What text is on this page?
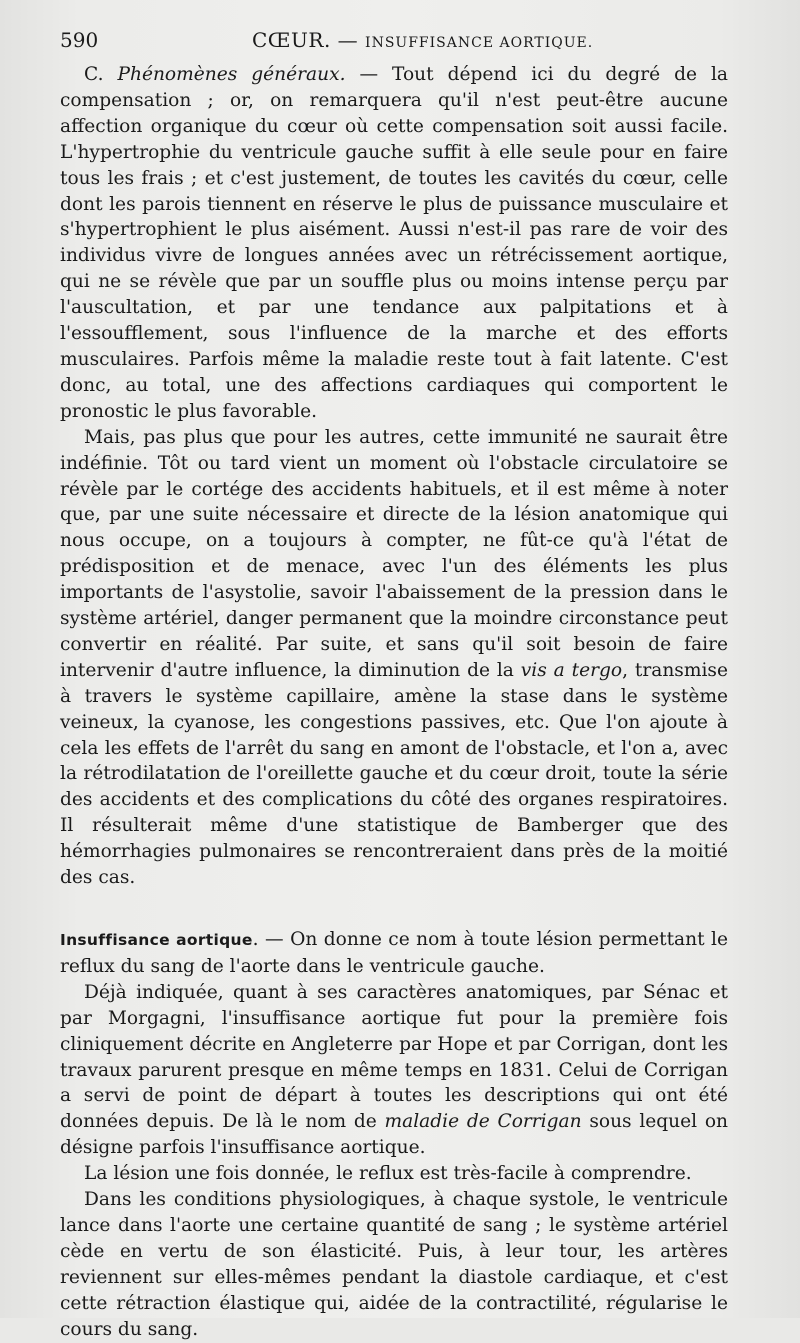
590	CŒUR. — INSUFFISANCE AORTIQUE.

C. Phénomènes généraux. — Tout dépend ici du degré de la compensation ; or, on remarquera qu'il n'est peut-être aucune affection organique du cœur où cette compensation soit aussi facile. L'hypertrophie du ventricule gauche suffit à elle seule pour en faire tous les frais ; et c'est justement, de toutes les cavités du cœur, celle dont les parois tiennent en réserve le plus de puissance musculaire et s'hypertrophient le plus aisément. Aussi n'est-il pas rare de voir des individus vivre de longues années avec un rétrécissement aortique, qui ne se révèle que par un souffle plus ou moins intense perçu par l'auscultation, et par une tendance aux palpitations et à l'essoufflement, sous l'influence de la marche et des efforts musculaires. Parfois même la maladie reste tout à fait latente. C'est donc, au total, une des affections cardiaques qui comportent le pronostic le plus favorable.

Mais, pas plus que pour les autres, cette immunité ne saurait être indéfinie. Tôt ou tard vient un moment où l'obstacle circulatoire se révèle par le cortége des accidents habituels, et il est même à noter que, par une suite nécessaire et directe de la lésion anatomique qui nous occupe, on a toujours à compter, ne fût-ce qu'à l'état de prédisposition et de menace, avec l'un des éléments les plus importants de l'asystolie, savoir l'abaissement de la pression dans le système artériel, danger permanent que la moindre circonstance peut convertir en réalité. Par suite, et sans qu'il soit besoin de faire intervenir d'autre influence, la diminution de la vis a tergo, transmise à travers le système capillaire, amène la stase dans le système veineux, la cyanose, les congestions passives, etc. Que l'on ajoute à cela les effets de l'arrêt du sang en amont de l'obstacle, et l'on a, avec la rétrodilatation de l'oreillette gauche et du cœur droit, toute la série des accidents et des complications du côté des organes respiratoires. Il résulterait même d'une statistique de Bamberger que des hémorrhagies pulmonaires se rencontreraient dans près de la moitié des cas.

Insuffisance aortique. — On donne ce nom à toute lésion permettant le reflux du sang de l'aorte dans le ventricule gauche.

Déjà indiquée, quant à ses caractères anatomiques, par Sénac et par Morgagni, l'insuffisance aortique fut pour la première fois cliniquement décrite en Angleterre par Hope et par Corrigan, dont les travaux parurent presque en même temps en 1831. Celui de Corrigan a servi de point de départ à toutes les descriptions qui ont été données depuis. De là le nom de maladie de Corrigan sous lequel on désigne parfois l'insuffisance aortique.

La lésion une fois donnée, le reflux est très-facile à comprendre.

Dans les conditions physiologiques, à chaque systole, le ventricule lance dans l'aorte une certaine quantité de sang ; le système artériel cède en vertu de son élasticité. Puis, à leur tour, les artères reviennent sur elles-mêmes pendant la diastole cardiaque, et c'est cette rétraction élastique qui, aidée de la contractilité, régularise le cours du sang.
